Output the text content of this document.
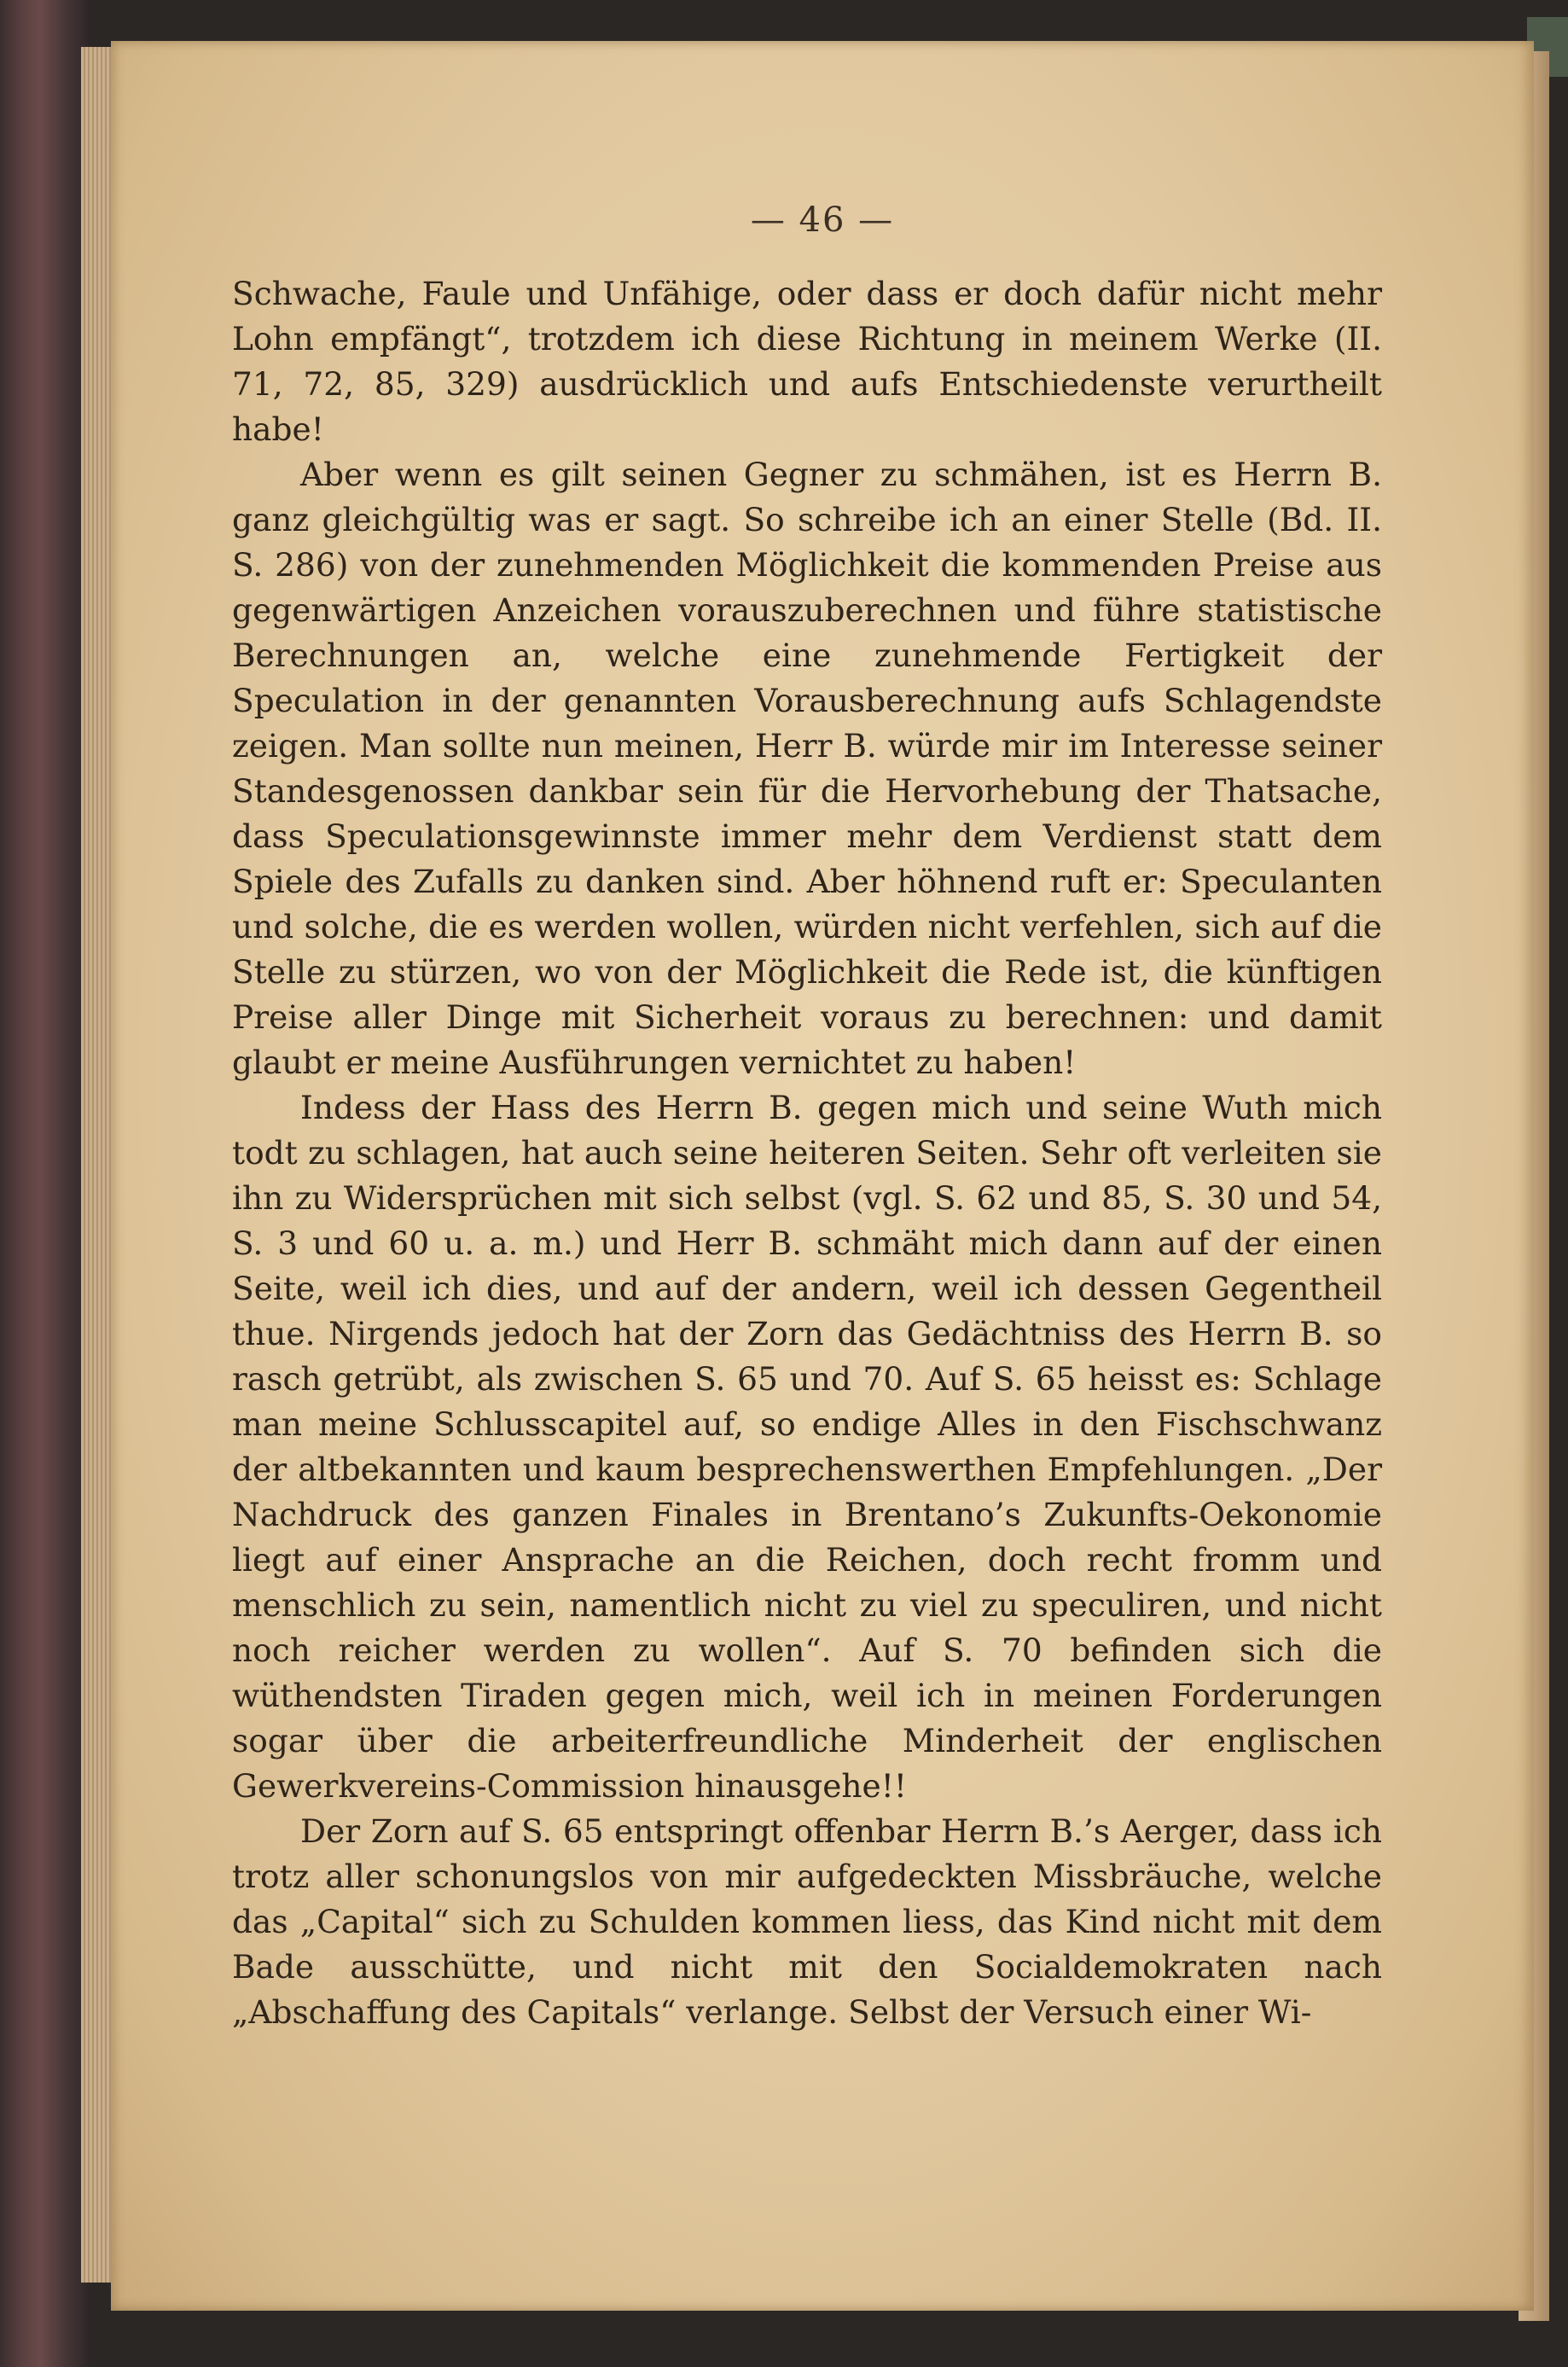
— 46 —

Schwache, Faule und Unfähige, oder dass er doch dafür nicht mehr Lohn empfängt“, trotzdem ich diese Richtung in meinem Werke (II. 71, 72, 85, 329) ausdrücklich und aufs Entschiedenste verurtheilt habe!

Aber wenn es gilt seinen Gegner zu schmähen, ist es Herrn B. ganz gleichgültig was er sagt. So schreibe ich an einer Stelle (Bd. II. S. 286) von der zunehmenden Möglichkeit die kommenden Preise aus gegenwärtigen Anzeichen vorauszuberechnen und führe statistische Berechnungen an, welche eine zunehmende Fertigkeit der Speculation in der genannten Vorausberechnung aufs Schlagendste zeigen. Man sollte nun meinen, Herr B. würde mir im Interesse seiner Standesgenossen dankbar sein für die Hervorhebung der Thatsache, dass Speculationsgewinnste immer mehr dem Verdienst statt dem Spiele des Zufalls zu danken sind. Aber höhnend ruft er: Speculanten und solche, die es werden wollen, würden nicht verfehlen, sich auf die Stelle zu stürzen, wo von der Möglichkeit die Rede ist, die künftigen Preise aller Dinge mit Sicherheit voraus zu berechnen: und damit glaubt er meine Ausführungen vernichtet zu haben!

Indess der Hass des Herrn B. gegen mich und seine Wuth mich todt zu schlagen, hat auch seine heiteren Seiten. Sehr oft verleiten sie ihn zu Widersprüchen mit sich selbst (vgl. S. 62 und 85, S. 30 und 54, S. 3 und 60 u. a. m.) und Herr B. schmäht mich dann auf der einen Seite, weil ich dies, und auf der andern, weil ich dessen Gegentheil thue. Nirgends jedoch hat der Zorn das Gedächtniss des Herrn B. so rasch getrübt, als zwischen S. 65 und 70. Auf S. 65 heisst es: Schlage man meine Schlusscapitel auf, so endige Alles in den Fischschwanz der altbekannten und kaum besprechenswerthen Empfehlungen. „Der Nachdruck des ganzen Finales in Brentano’s Zukunfts-Oekonomie liegt auf einer Ansprache an die Reichen, doch recht fromm und menschlich zu sein, namentlich nicht zu viel zu speculiren, und nicht noch reicher werden zu wollen“. Auf S. 70 befinden sich die wüthendsten Tiraden gegen mich, weil ich in meinen Forderungen sogar über die arbeiterfreundliche Minderheit der englischen Gewerkvereins-Commission hinausgehe!!

Der Zorn auf S. 65 entspringt offenbar Herrn B.’s Aerger, dass ich trotz aller schonungslos von mir aufgedeckten Missbräuche, welche das „Capital“ sich zu Schulden kommen liess, das Kind nicht mit dem Bade ausschütte, und nicht mit den Socialdemokraten nach „Abschaffung des Capitals“ verlange. Selbst der Versuch einer Wi-
